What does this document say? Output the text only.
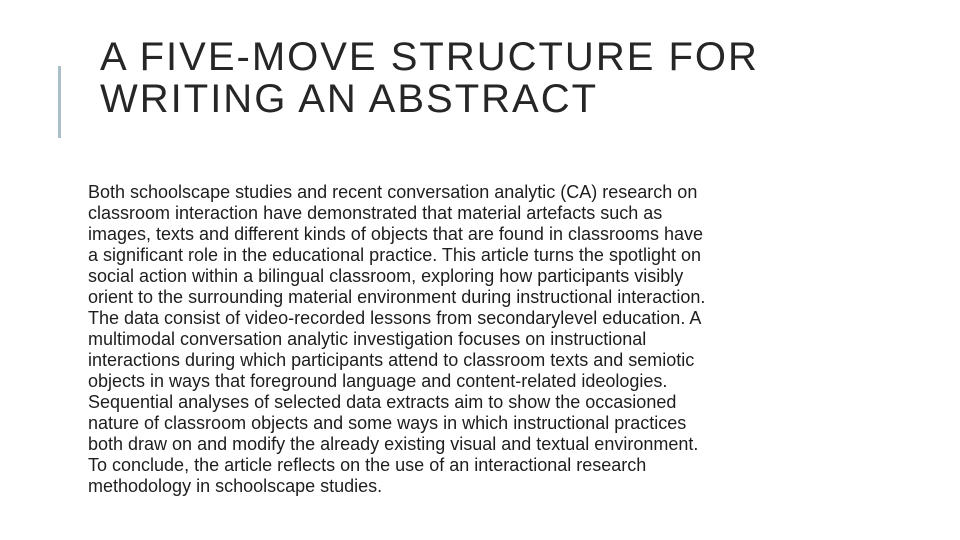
A FIVE-MOVE STRUCTURE FOR
WRITING AN ABSTRACT

Both schoolscape studies and recent conversation analytic (CA) research on
classroom interaction have demonstrated that material artefacts such as
images, texts and different kinds of objects that are found in classrooms have
a significant role in the educational practice. This article turns the spotlight on
social action within a bilingual classroom, exploring how participants visibly
orient to the surrounding material environment during instructional interaction.
The data consist of video-recorded lessons from secondarylevel education. A
multimodal conversation analytic investigation focuses on instructional
interactions during which participants attend to classroom texts and semiotic
objects in ways that foreground language and content-related ideologies.
Sequential analyses of selected data extracts aim to show the occasioned
nature of classroom objects and some ways in which instructional practices
both draw on and modify the already existing visual and textual environment.
To conclude, the article reflects on the use of an interactional research
methodology in schoolscape studies.
